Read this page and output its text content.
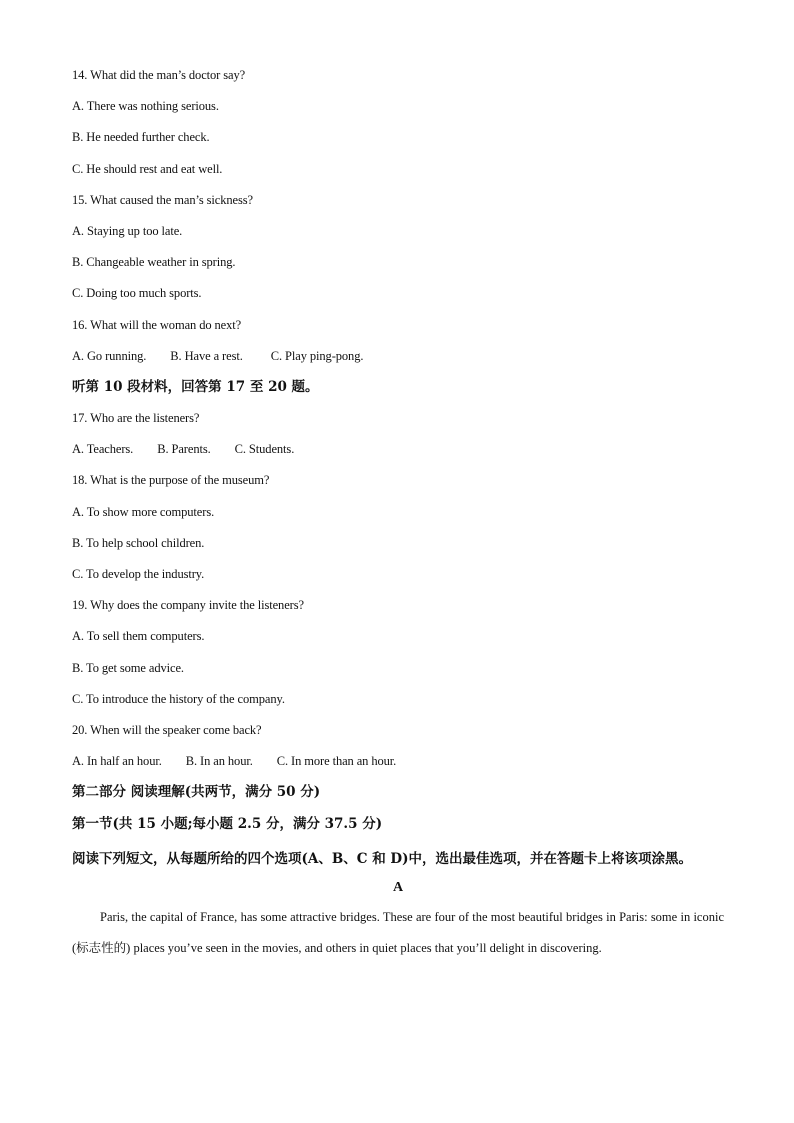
14. What did the man’s doctor say?
A. There was nothing serious.
B. He needed further check.
C. He should rest and eat well.
15. What caused the man’s sickness?
A. Staying up too late.
B. Changeable weather in spring.
C. Doing too much sports.
16. What will the woman do next?
A. Go running. B. Have a rest. C. Play ping-pong.
听第 10 段材料，回答第 17 至 20 题。
17. Who are the listeners?
A. Teachers. B. Parents. C. Students.
18. What is the purpose of the museum?
A. To show more computers.
B. To help school children.
C. To develop the industry.
19. Why does the company invite the listeners?
A. To sell them computers.
B. To get some advice.
C. To introduce the history of the company.
20. When will the speaker come back?
A. In half an hour. B. In an hour. C. In more than an hour.
第二部分 阅读理解(共两节，满分 50 分)
第一节(共 15 小题;每小题 2.5 分，满分 37.5 分)
阅读下列短文，从每题所给的四个选项(A、B、C 和 D)中，选出最佳选项，并在答题卡上将该项涂黑。
A
Paris, the capital of France, has some attractive bridges. These are four of the most beautiful bridges in Paris: some in iconic (标志性的) places you’ve seen in the movies, and others in quiet places that you’ll delight in discovering.
